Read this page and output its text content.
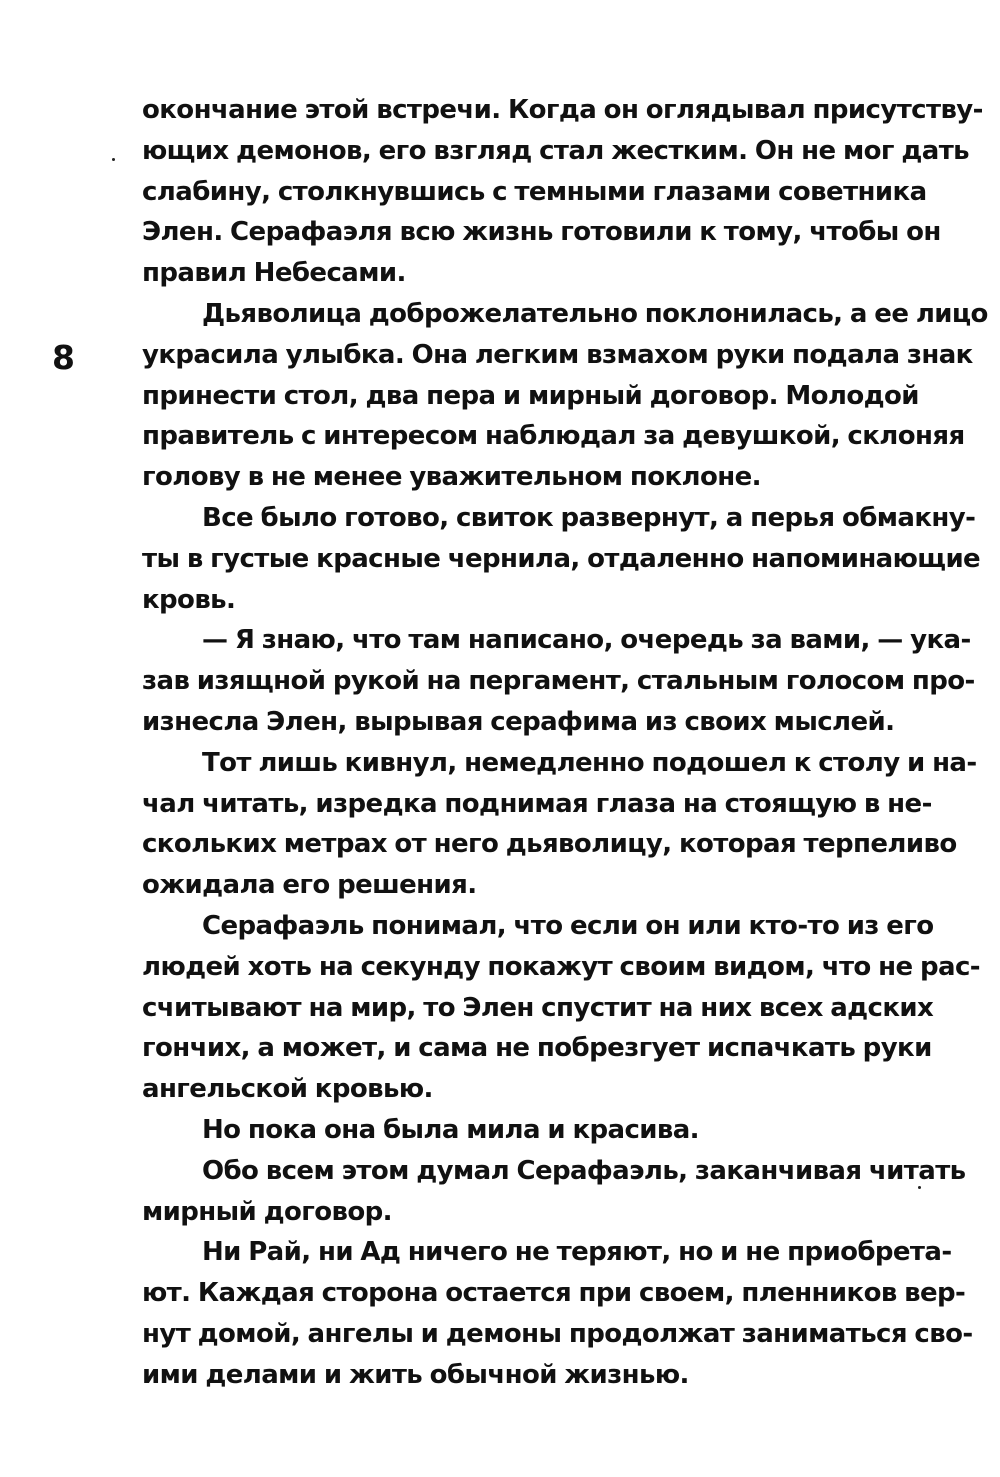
8
окончание этой встречи. Когда он оглядывал присутству-
ющих демонов, его взгляд стал жестким. Он не мог дать
слабину, столкнувшись с темными глазами советника
Элен. Серафаэля всю жизнь готовили к тому, чтобы он
правил Небесами.
Дьяволица доброжелательно поклонилась, а ее лицо
украсила улыбка. Она легким взмахом руки подала знак
принести стол, два пера и мирный договор. Молодой
правитель с интересом наблюдал за девушкой, склоняя
голову в не менее уважительном поклоне.
Все было готово, свиток развернут, а перья обмакну-
ты в густые красные чернила, отдаленно напоминающие
кровь.
— Я знаю, что там написано, очередь за вами, — ука-
зав изящной рукой на пергамент, стальным голосом про-
изнесла Элен, вырывая серафима из своих мыслей.
Тот лишь кивнул, немедленно подошел к столу и на-
чал читать, изредка поднимая глаза на стоящую в не-
скольких метрах от него дьяволицу, которая терпеливо
ожидала его решения.
Серафаэль понимал, что если он или кто-то из его
людей хоть на секунду покажут своим видом, что не рас-
считывают на мир, то Элен спустит на них всех адских
гончих, а может, и сама не побрезгует испачкать руки
ангельской кровью.
Но пока она была мила и красива.
Обо всем этом думал Серафаэль, заканчивая читать
мирный договор.
Ни Рай, ни Ад ничего не теряют, но и не приобрета-
ют. Каждая сторона остается при своем, пленников вер-
нут домой, ангелы и демоны продолжат заниматься сво-
ими делами и жить обычной жизнью.
